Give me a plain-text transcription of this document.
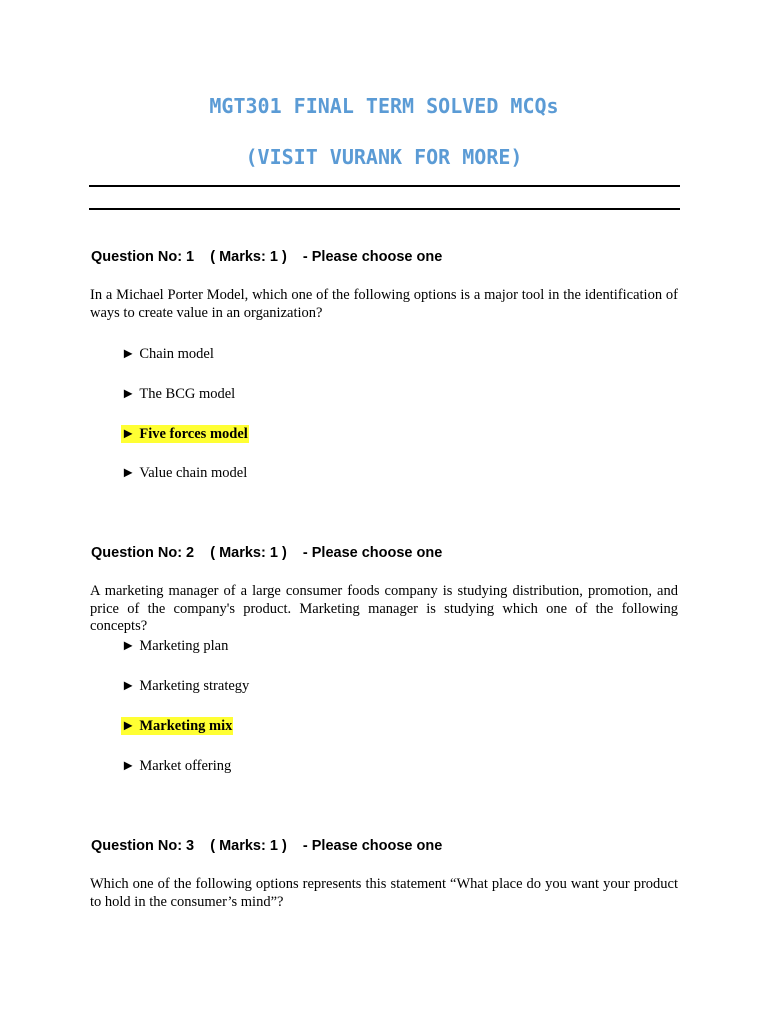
MGT301 FINAL TERM SOLVED MCQs
(VISIT VURANK FOR MORE)

Question No: 1    ( Marks: 1 )    - Please choose one

In a Michael Porter Model, which one of the following options is a major tool in the identification of ways to create value in an organization?

► Chain model

► The BCG model

► Five forces model

► Value chain model

Question No: 2    ( Marks: 1 )    - Please choose one

A marketing manager of a large consumer foods company is studying distribution, promotion, and price of the company's product. Marketing manager is studying which one of the following concepts?

► Marketing plan

► Marketing strategy

► Marketing mix

► Market offering

Question No: 3    ( Marks: 1 )    - Please choose one

Which one of the following options represents this statement “What place do you want your product to hold in the consumer’s mind”?
